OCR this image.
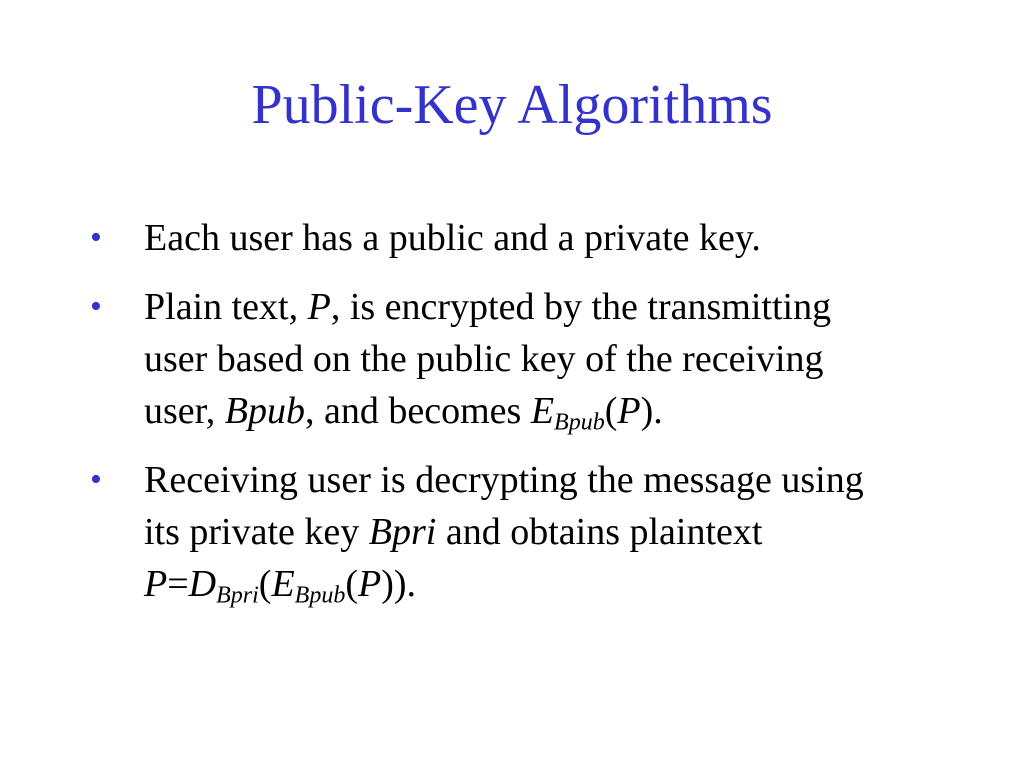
Public-Key Algorithms
• Each user has a public and a private key.
• Plain text, P, is encrypted by the transmitting
user based on the public key of the receiving
user, Bpub, and becomes $E_{Bpub}(P)$.
• Receiving user is decrypting the message using
its private key Bpri and obtains plaintext
$P=D_{Bpri}(E_{Bpub}(P))$.
